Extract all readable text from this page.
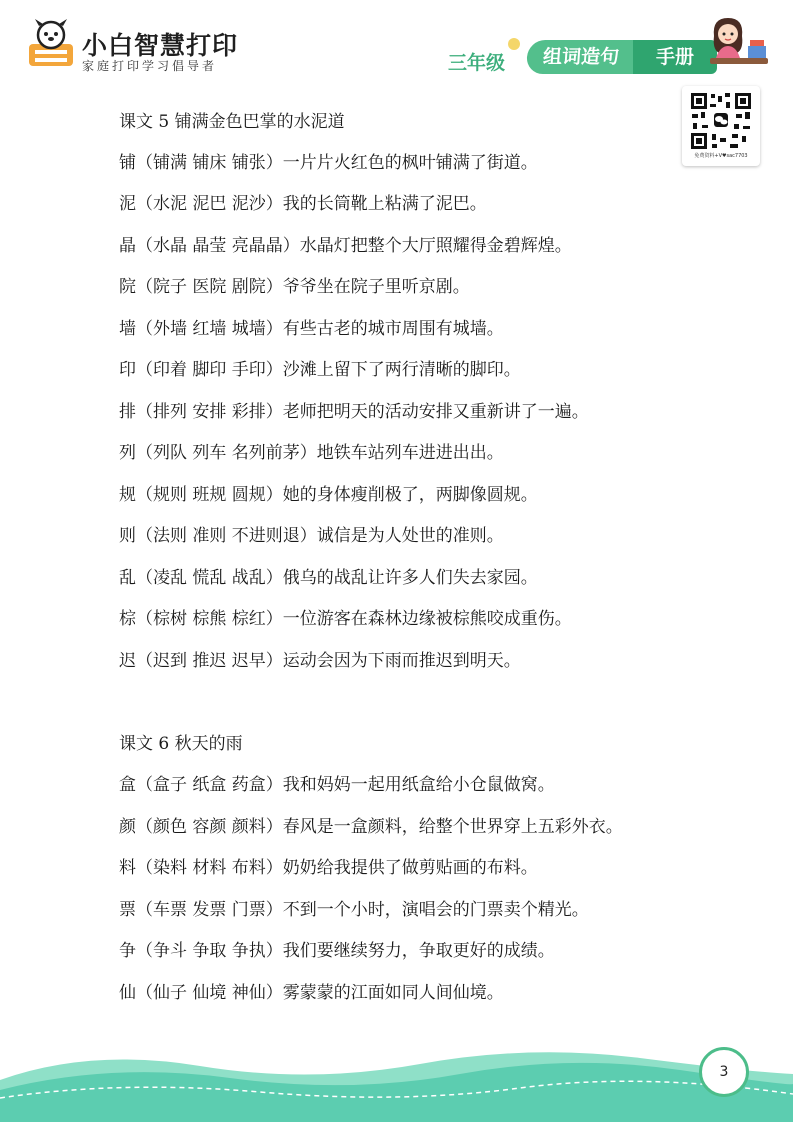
小白智慧打印
家庭打印学习倡导者	三年级	组词造句	手册
免费资料+V♥sac7703
课文 5 铺满金色巴掌的水泥道
铺（铺满 铺床 铺张）一片片火红色的枫叶铺满了街道。
泥（水泥 泥巴 泥沙）我的长筒靴上粘满了泥巴。
晶（水晶 晶莹 亮晶晶）水晶灯把整个大厅照耀得金碧辉煌。
院（院子 医院 剧院）爷爷坐在院子里听京剧。
墙（外墙 红墙 城墙）有些古老的城市周围有城墙。
印（印着 脚印 手印）沙滩上留下了两行清晰的脚印。
排（排列 安排 彩排）老师把明天的活动安排又重新讲了一遍。
列（列队 列车 名列前茅）地铁车站列车进进出出。
规（规则 班规 圆规）她的身体瘦削极了，两脚像圆规。
则（法则 准则 不进则退）诚信是为人处世的准则。
乱（凌乱 慌乱 战乱）俄乌的战乱让许多人们失去家园。
棕（棕树 棕熊 棕红）一位游客在森林边缘被棕熊咬成重伤。
迟（迟到 推迟 迟早）运动会因为下雨而推迟到明天。
课文 6 秋天的雨
盒（盒子 纸盒 药盒）我和妈妈一起用纸盒给小仓鼠做窝。
颜（颜色 容颜 颜料）春风是一盒颜料，给整个世界穿上五彩外衣。
料（染料 材料 布料）奶奶给我提供了做剪贴画的布料。
票（车票 发票 门票）不到一个小时，演唱会的门票卖个精光。
争（争斗 争取 争执）我们要继续努力，争取更好的成绩。
仙（仙子 仙境 神仙）雾蒙蒙的江面如同人间仙境。
3
